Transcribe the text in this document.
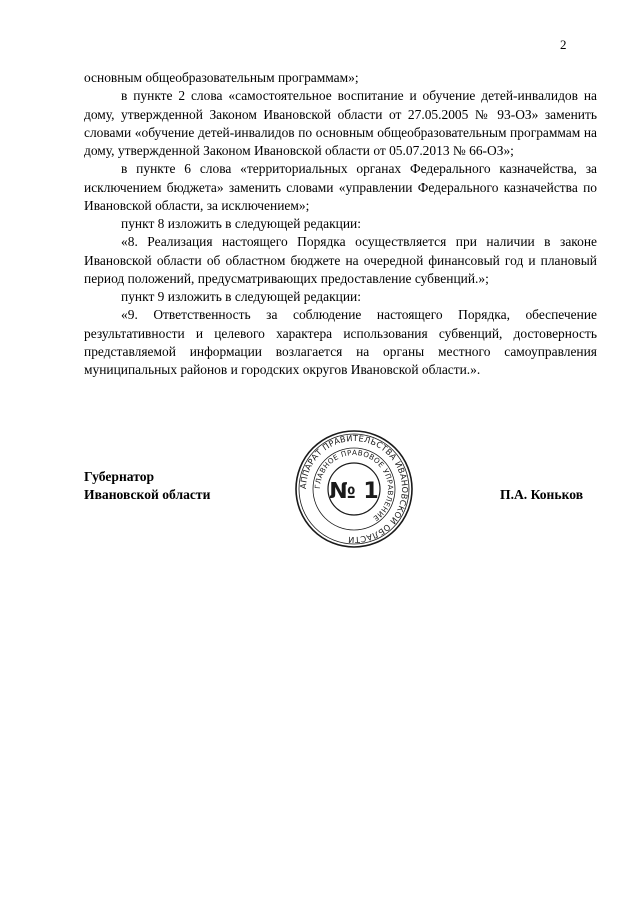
2

основным общеобразовательным программам»;

в пункте 2 слова «самостоятельное воспитание и обучение детей-инвалидов на дому, утвержденной Законом Ивановской области от 27.05.2005 № 93-ОЗ» заменить словами «обучение детей-инвалидов по основным общеобразовательным программам на дому, утвержденной Законом Ивановской области от 05.07.2013 № 66-ОЗ»;

в пункте 6 слова «территориальных органах Федерального казначейства, за исключением бюджета» заменить словами «управлении Федерального казначейства по Ивановской области, за исключением»;

пункт 8 изложить в следующей редакции:

«8. Реализация настоящего Порядка осуществляется при наличии в законе Ивановской области об областном бюджете на очередной финансовый год и плановый период положений, предусматривающих предоставление субвенций.»;

пункт 9 изложить в следующей редакции:

«9. Ответственность за соблюдение настоящего Порядка, обеспечение результативности и целевого характера использования субвенций, достоверность представляемой информации возлагается на органы местного самоуправления муниципальных районов и городских округов Ивановской области.».

Губернатор
Ивановской области
АППАРАТ ПРАВИТЕЛЬСТВА ИВАНОВСКОЙ ОБЛАСТИ
ГЛАВНОЕ ПРАВОВОЕ УПРАВЛЕНИЕ
№ 1	П.А. Коньков
